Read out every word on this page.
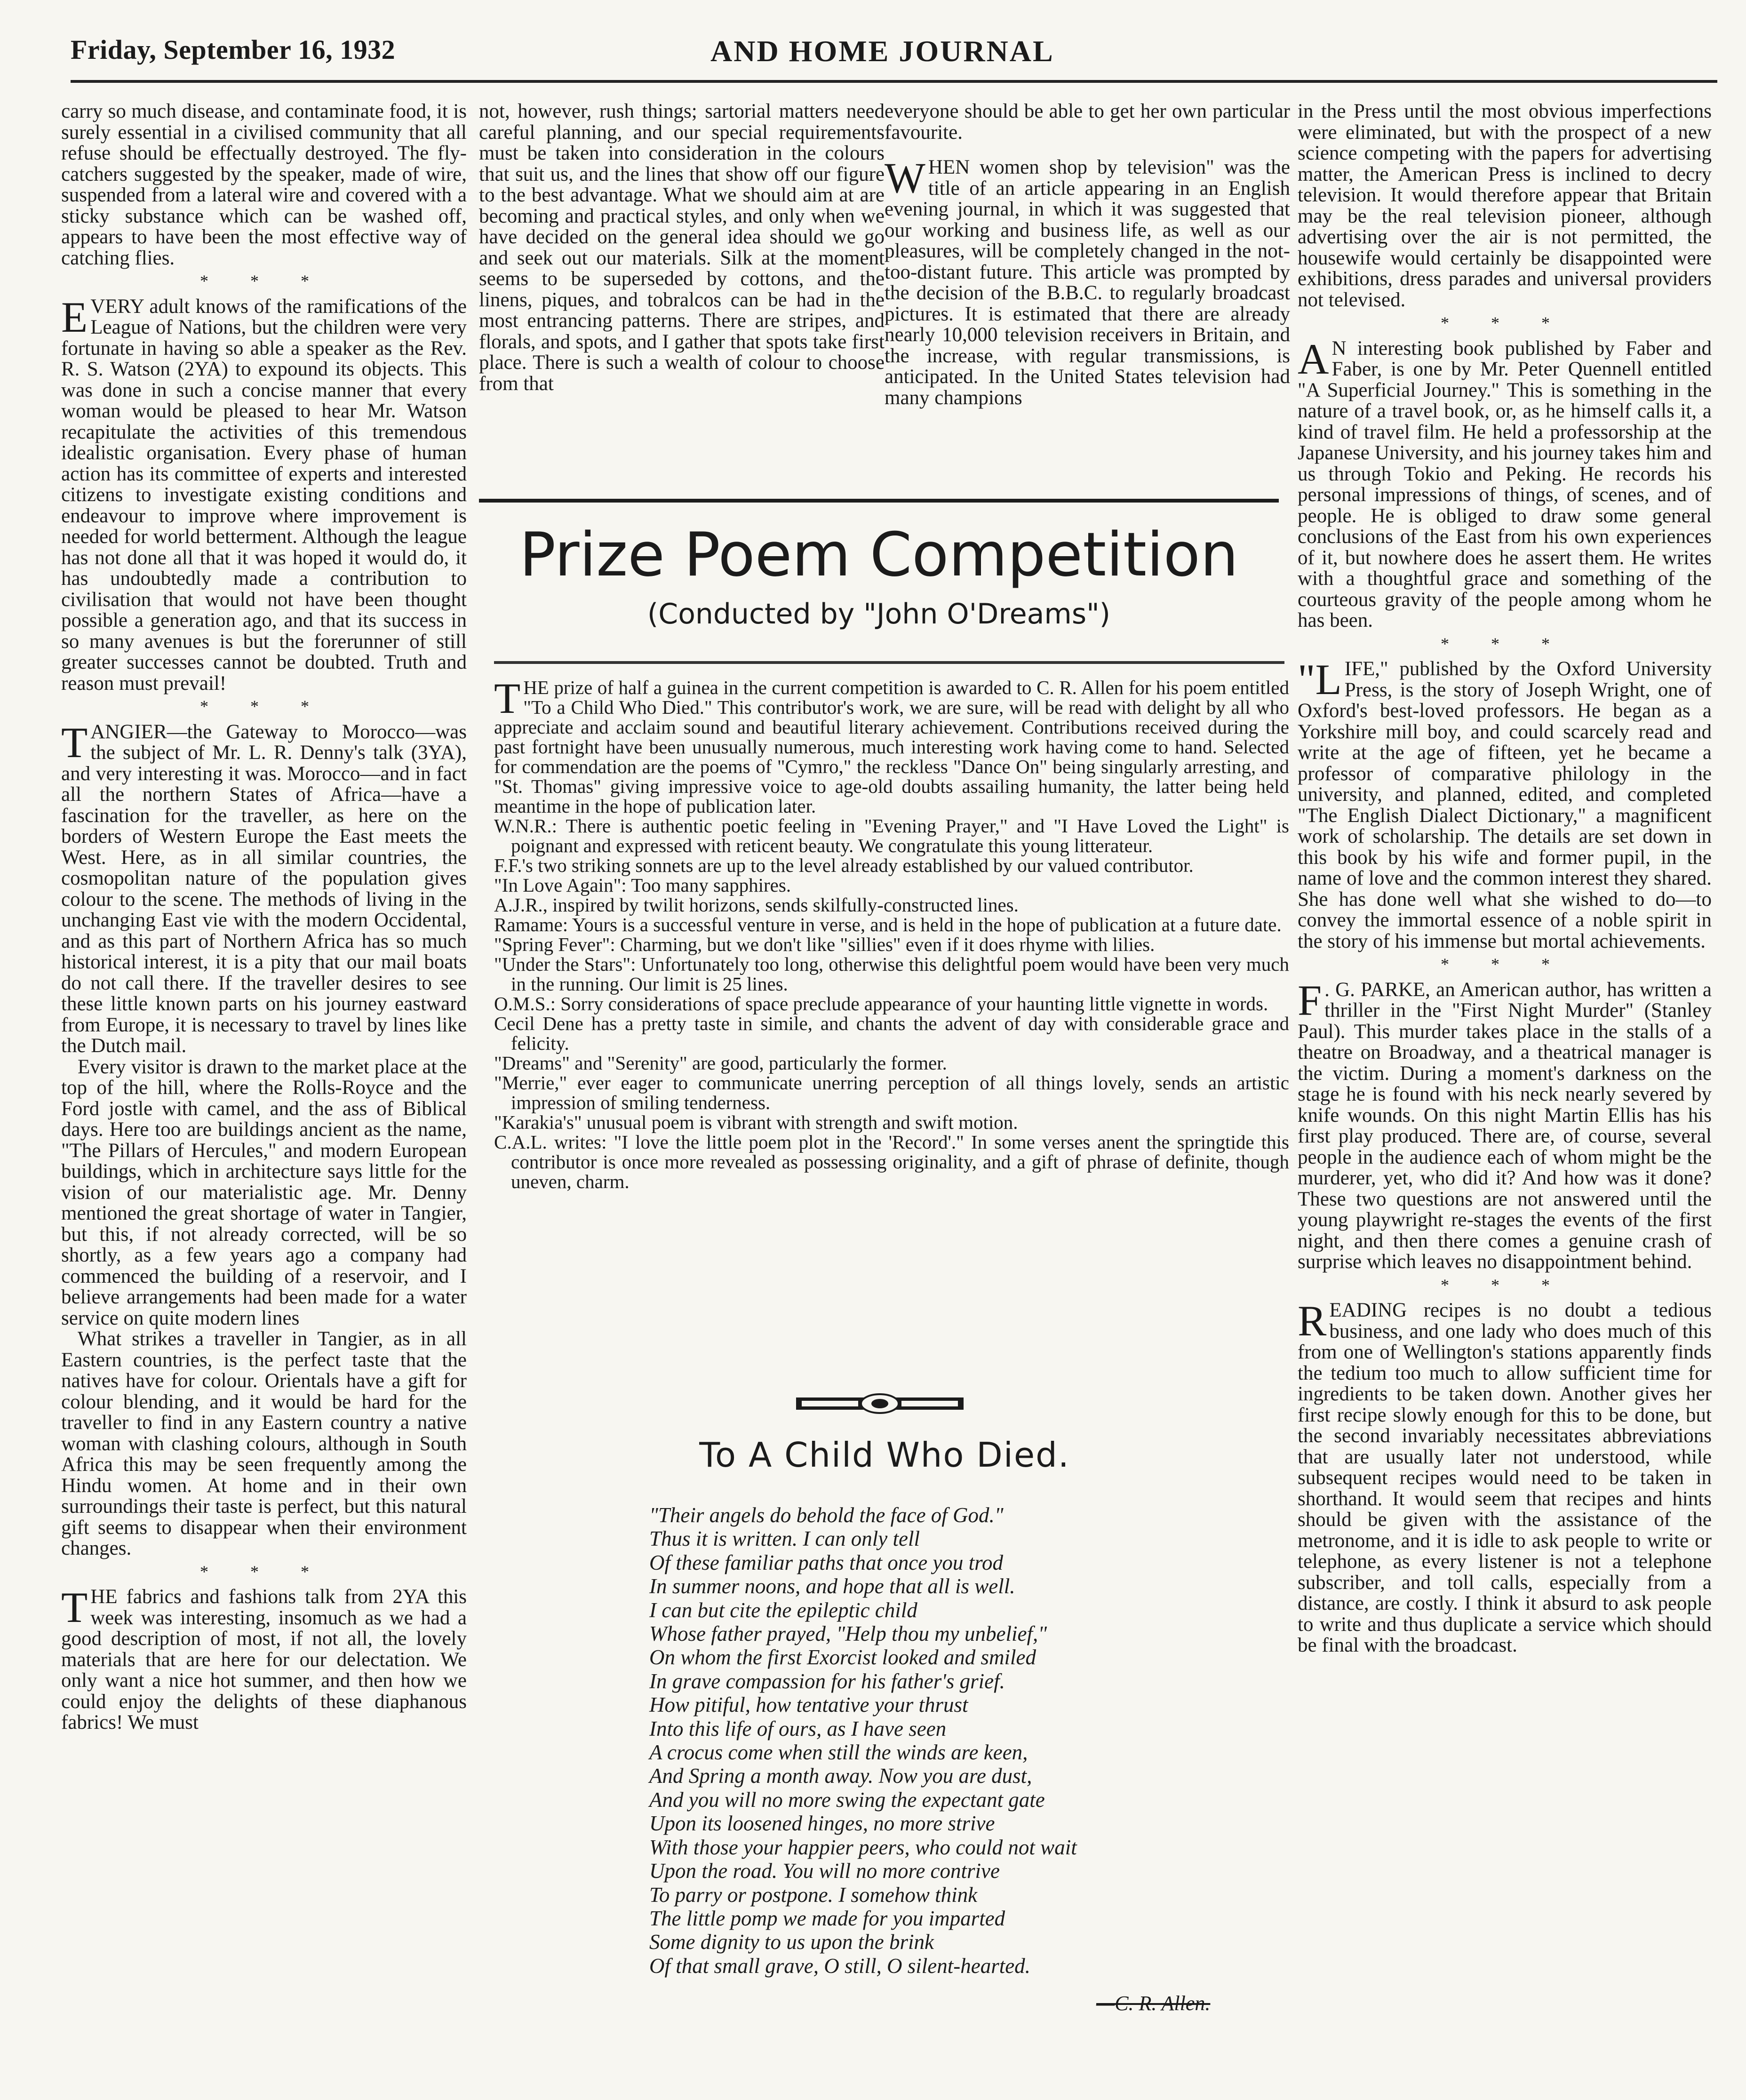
Friday, September 16, 1932	AND HOME JOURNAL

carry so much disease, and contaminate food, it is surely essential in a civilised community that all refuse should be effectually destroyed. The fly-catchers suggested by the speaker, made of wire, suspended from a lateral wire and covered with a sticky substance which can be washed off, appears to have been the most effective way of catching flies.

* * *

EVERY adult knows of the ramifications of the League of Nations, but the children were very fortunate in having so able a speaker as the Rev. R. S. Watson (2YA) to expound its objects. This was done in such a concise manner that every woman would be pleased to hear Mr. Watson recapitulate the activities of this tremendous idealistic organisation. Every phase of human action has its committee of experts and interested citizens to investigate existing conditions and endeavour to improve where improvement is needed for world betterment. Although the league has not done all that it was hoped it would do, it has undoubtedly made a contribution to civilisation that would not have been thought possible a generation ago, and that its success in so many avenues is but the forerunner of still greater successes cannot be doubted. Truth and reason must prevail!

* * *

TANGIER—the Gateway to Morocco—was the subject of Mr. L. R. Denny's talk (3YA), and very interesting it was. Morocco—and in fact all the northern States of Africa—have a fascination for the traveller, as here on the borders of Western Europe the East meets the West. Here, as in all similar countries, the cosmopolitan nature of the population gives colour to the scene. The methods of living in the unchanging East vie with the modern Occidental, and as this part of Northern Africa has so much historical interest, it is a pity that our mail boats do not call there. If the traveller desires to see these little known parts on his journey eastward from Europe, it is necessary to travel by lines like the Dutch mail.

Every visitor is drawn to the market place at the top of the hill, where the Rolls-Royce and the Ford jostle with camel, and the ass of Biblical days. Here too are buildings ancient as the name, "The Pillars of Hercules," and modern European buildings, which in architecture says little for the vision of our materialistic age. Mr. Denny mentioned the great shortage of water in Tangier, but this, if not already corrected, will be so shortly, as a few years ago a company had commenced the building of a reservoir, and I believe arrangements had been made for a water service on quite modern lines

What strikes a traveller in Tangier, as in all Eastern countries, is the perfect taste that the natives have for colour. Orientals have a gift for colour blending, and it would be hard for the traveller to find in any Eastern country a native woman with clashing colours, although in South Africa this may be seen frequently among the Hindu women. At home and in their own surroundings their taste is perfect, but this natural gift seems to disappear when their environment changes.

* * *

THE fabrics and fashions talk from 2YA this week was interesting, insomuch as we had a good description of most, if not all, the lovely materials that are here for our delectation. We only want a nice hot summer, and then how we could enjoy the delights of these diaphanous fabrics! We must

not, however, rush things; sartorial matters need careful planning, and our special requirements must be taken into consideration in the colours that suit us, and the lines that show off our figure to the best advantage. What we should aim at are becoming and practical styles, and only when we have decided on the general idea should we go and seek out our materials. Silk at the moment seems to be superseded by cottons, and the linens, piques, and tobralcos can be had in the most entrancing patterns. There are stripes, and florals, and spots, and I gather that spots take first place. There is such a wealth of colour to choose from that

everyone should be able to get her own particular favourite.

WHEN women shop by television" was the title of an article appearing in an English evening journal, in which it was suggested that our working and business life, as well as our pleasures, will be completely changed in the not-too-distant future. This article was prompted by the decision of the B.B.C. to regularly broadcast pictures. It is estimated that there are already nearly 10,000 television receivers in Britain, and the increase, with regular transmissions, is anticipated. In the United States television had many champions

in the Press until the most obvious imperfections were eliminated, but with the prospect of a new science competing with the papers for advertising matter, the American Press is inclined to decry television. It would therefore appear that Britain may be the real television pioneer, although advertising over the air is not permitted, the housewife would certainly be disappointed were exhibitions, dress parades and universal providers not televised.

* * *

A N interesting book published by Faber and Faber, is one by Mr. Peter Quennell entitled "A Superficial Journey." This is something in the nature of a travel book, or, as he himself calls it, a kind of travel film. He held a professorship at the Japanese University, and his journey takes him and us through Tokio and Peking. He records his personal impressions of things, of scenes, and of people. He is obliged to draw some general conclusions of the East from his own experiences of it, but nowhere does he assert them. He writes with a thoughtful grace and something of the courteous gravity of the people among whom he has been.

* * *

"LIFE," published by the Oxford University Press, is the story of Joseph Wright, one of Oxford's best-loved professors. He began as a Yorkshire mill boy, and could scarcely read and write at the age of fifteen, yet he became a professor of comparative philology in the university, and planned, edited, and completed "The English Dialect Dictionary," a magnificent work of scholarship. The details are set down in this book by his wife and former pupil, in the name of love and the common interest they shared. She has done well what she wished to do—to convey the immortal essence of a noble spirit in the story of his immense but mortal achievements.

* * *

F . G. PARKE, an American author, has written a thriller in the "First Night Murder" (Stanley Paul). This murder takes place in the stalls of a theatre on Broadway, and a theatrical manager is the victim. During a moment's darkness on the stage he is found with his neck nearly severed by knife wounds. On this night Martin Ellis has his first play produced. There are, of course, several people in the audience each of whom might be the murderer, yet, who did it? And how was it done? These two questions are not answered until the young playwright re-stages the events of the first night, and then there comes a genuine crash of surprise which leaves no disappointment behind.

* * *

READING recipes is no doubt a tedious business, and one lady who does much of this from one of Wellington's stations apparently finds the tedium too much to allow sufficient time for ingredients to be taken down. Another gives her first recipe slowly enough for this to be done, but the second invariably necessitates abbreviations that are usually later not understood, while subsequent recipes would need to be taken in shorthand. It would seem that recipes and hints should be given with the assistance of the metronome, and it is idle to ask people to write or telephone, as every listener is not a telephone subscriber, and toll calls, especially from a distance, are costly. I think it absurd to ask people to write and thus duplicate a service which should be final with the broadcast.

Prize Poem Competition
(Conducted by "John O'Dreams")

THE prize of half a guinea in the current competition is awarded to C. R. Allen for his poem entitled "To a Child Who Died." This contributor's work, we are sure, will be read with delight by all who appreciate and acclaim sound and beautiful literary achievement. Contributions received during the past fortnight have been unusually numerous, much interesting work having come to hand. Selected for commendation are the poems of "Cymro," the reckless "Dance On" being singularly arresting, and "St. Thomas" giving impressive voice to age-old doubts assailing humanity, the latter being held meantime in the hope of publication later.

W.N.R.: There is authentic poetic feeling in "Evening Prayer," and "I Have Loved the Light" is poignant and expressed with reticent beauty. We congratulate this young litterateur.

F.F.'s two striking sonnets are up to the level already established by our valued contributor.

"In Love Again": Too many sapphires.

A.J.R., inspired by twilit horizons, sends skilfully-constructed lines.

Ramame: Yours is a successful venture in verse, and is held in the hope of publication at a future date.

"Spring Fever": Charming, but we don't like "sillies" even if it does rhyme with lilies.

"Under the Stars": Unfortunately too long, otherwise this delightful poem would have been very much in the running. Our limit is 25 lines.

O.M.S.: Sorry considerations of space preclude appearance of your haunting little vignette in words.

Cecil Dene has a pretty taste in simile, and chants the advent of day with considerable grace and felicity.

"Dreams" and "Serenity" are good, particularly the former.

"Merrie," ever eager to communicate unerring perception of all things lovely, sends an artistic impression of smiling tenderness.

"Karakia's" unusual poem is vibrant with strength and swift motion.

C.A.L. writes: "I love the little poem plot in the 'Record'." In some verses anent the springtide this contributor is once more revealed as possessing originality, and a gift of phrase of definite, though uneven, charm.

To A Child Who Died.
"Their angels do behold the face of God."
Thus it is written. I can only tell
Of these familiar paths that once you trod
In summer noons, and hope that all is well.
I can but cite the epileptic child
Whose father prayed, "Help thou my unbelief,"
On whom the first Exorcist looked and smiled
In grave compassion for his father's grief.
How pitiful, how tentative your thrust
Into this life of ours, as I have seen
A crocus come when still the winds are keen,
And Spring a month away. Now you are dust,
And you will no more swing the expectant gate
Upon its loosened hinges, no more strive
With those your happier peers, who could not wait
Upon the road. You will no more contrive
To parry or postpone. I somehow think
The little pomp we made for you imparted
Some dignity to us upon the brink
Of that small grave, O still, O silent-hearted.
—C. R. Allen.
